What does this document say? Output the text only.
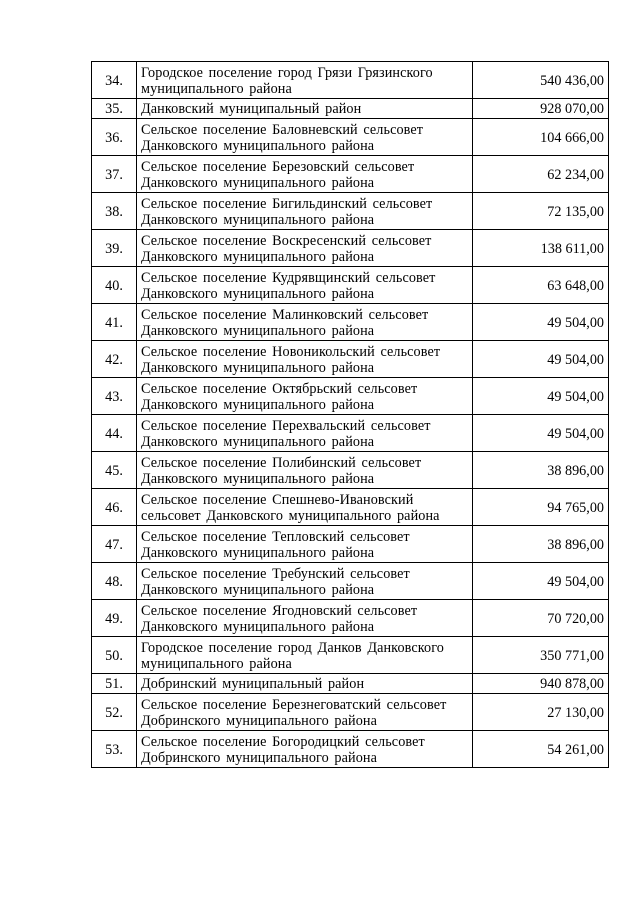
34.	Городское поселение город Грязи Грязинского муниципального района	540 436,00
35.	Данковский муниципальный район	928 070,00
36.	Сельское поселение Баловневский сельсовет Данковского муниципального района	104 666,00
37.	Сельское поселение Березовский сельсовет Данковского муниципального района	62 234,00
38.	Сельское поселение Бигильдинский сельсовет Данковского муниципального района	72 135,00
39.	Сельское поселение Воскресенский сельсовет Данковского муниципального района	138 611,00
40.	Сельское поселение Кудрявщинский сельсовет Данковского муниципального района	63 648,00
41.	Сельское поселение Малинковский сельсовет Данковского муниципального района	49 504,00
42.	Сельское поселение Новоникольский сельсовет Данковского муниципального района	49 504,00
43.	Сельское поселение Октябрьский сельсовет Данковского муниципального района	49 504,00
44.	Сельское поселение Перехвальский сельсовет Данковского муниципального района	49 504,00
45.	Сельское поселение Полибинский сельсовет Данковского муниципального района	38 896,00
46.	Сельское поселение Спешнево-Ивановский сельсовет Данковского муниципального района	94 765,00
47.	Сельское поселение Тепловский сельсовет Данковского муниципального района	38 896,00
48.	Сельское поселение Требунский сельсовет Данковского муниципального района	49 504,00
49.	Сельское поселение Ягодновский сельсовет Данковского муниципального района	70 720,00
50.	Городское поселение город Данков Данковского муниципального района	350 771,00
51.	Добринский муниципальный район	940 878,00
52.	Сельское поселение Березнеговатский сельсовет Добринского муниципального района	27 130,00
53.	Сельское поселение Богородицкий сельсовет Добринского муниципального района	54 261,00
